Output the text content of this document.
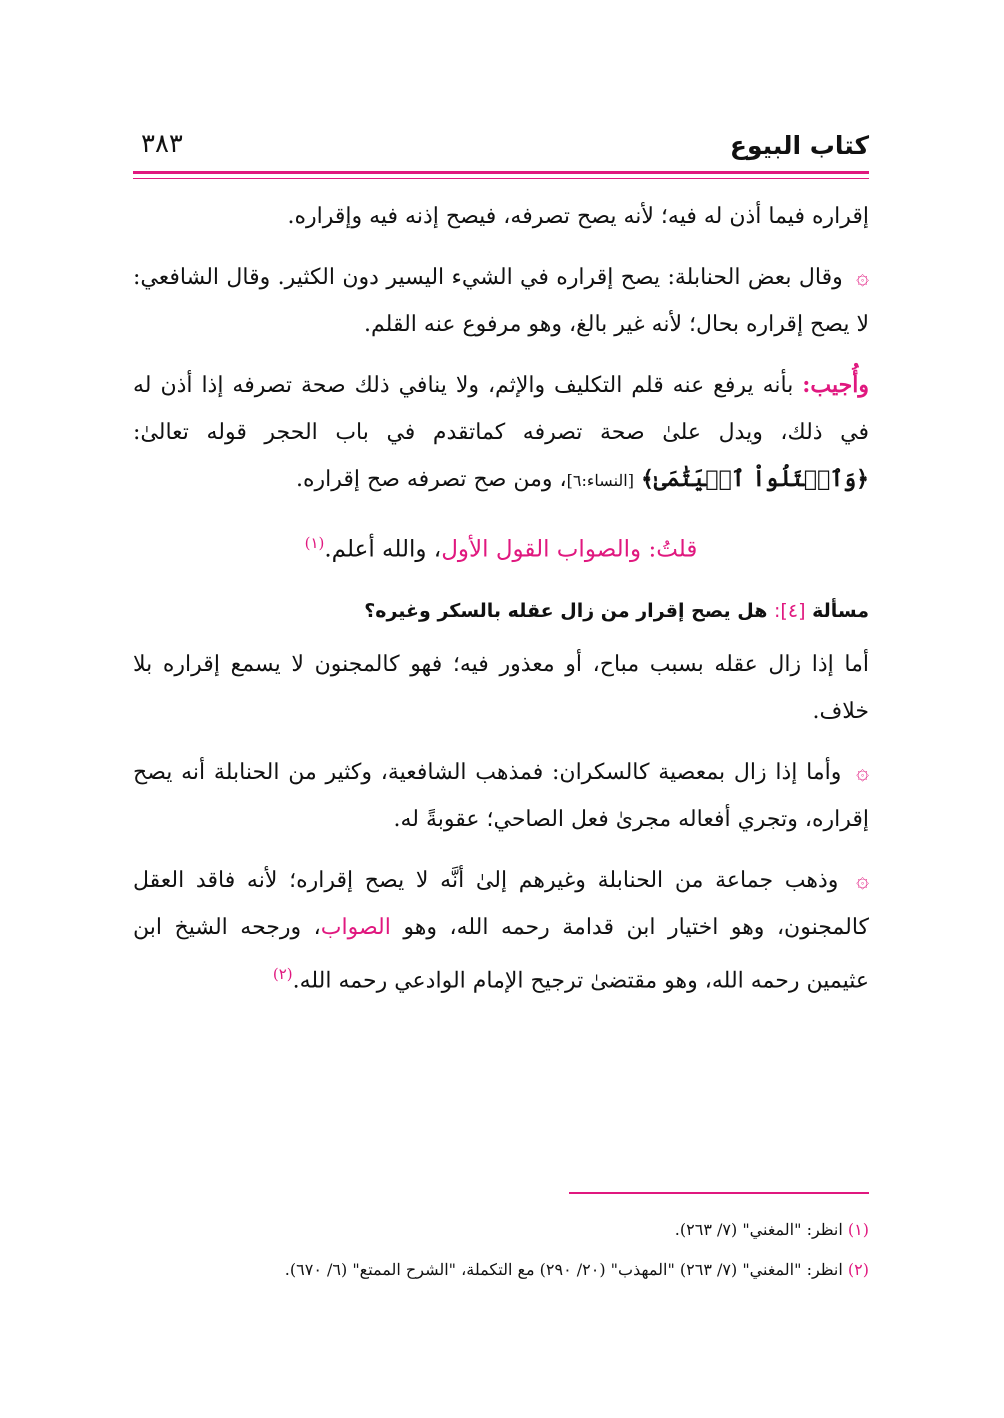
كتاب البيوع
٣٨٣

إقراره فيما أذن له فيه؛ لأنه يصح تصرفه، فيصح إذنه فيه وإقراره.

۞ وقال بعض الحنابلة: يصح إقراره في الشيء اليسير دون الكثير. وقال الشافعي: لا يصح إقراره بحال؛ لأنه غير بالغ، وهو مرفوع عنه القلم.

وأُجيب: بأنه يرفع عنه قلم التكليف والإثم، ولا ينافي ذلك صحة تصرفه إذا أذن له في ذلك، ويدل علىٰ صحة تصرفه كماتقدم في باب الحجر قوله تعالىٰ: ﴿وَٱبۡتَلُواْ ٱلۡيَتَٰمَىٰ﴾ [النساء:٦]، ومن صح تصرفه صح إقراره.

قلتُ: والصواب القول الأول، والله أعلم.$^{(١)}$

مسألة [٤]: هل يصح إقرار من زال عقله بالسكر وغيره؟

أما إذا زال عقله بسبب مباح، أو معذور فيه؛ فهو كالمجنون لا يسمع إقراره بلا خلاف.

۞ وأما إذا زال بمعصية كالسكران: فمذهب الشافعية، وكثير من الحنابلة أنه يصح إقراره، وتجري أفعاله مجرىٰ فعل الصاحي؛ عقوبةً له.

۞ وذهب جماعة من الحنابلة وغيرهم إلىٰ أنَّه لا يصح إقراره؛ لأنه فاقد العقل كالمجنون، وهو اختيار ابن قدامة رحمه الله، وهو الصواب، ورجحه الشيخ ابن عثيمين رحمه الله، وهو مقتضىٰ ترجيح الإمام الوادعي رحمه الله.$^{(٢)}$

(١) انظر: "المغني" (٧/ ٢٦٣).
(٢) انظر: "المغني" (٧/ ٢٦٣) "المهذب" (٢٠/ ٢٩٠) مع التكملة، "الشرح الممتع" (٦/ ٦٧٠).
